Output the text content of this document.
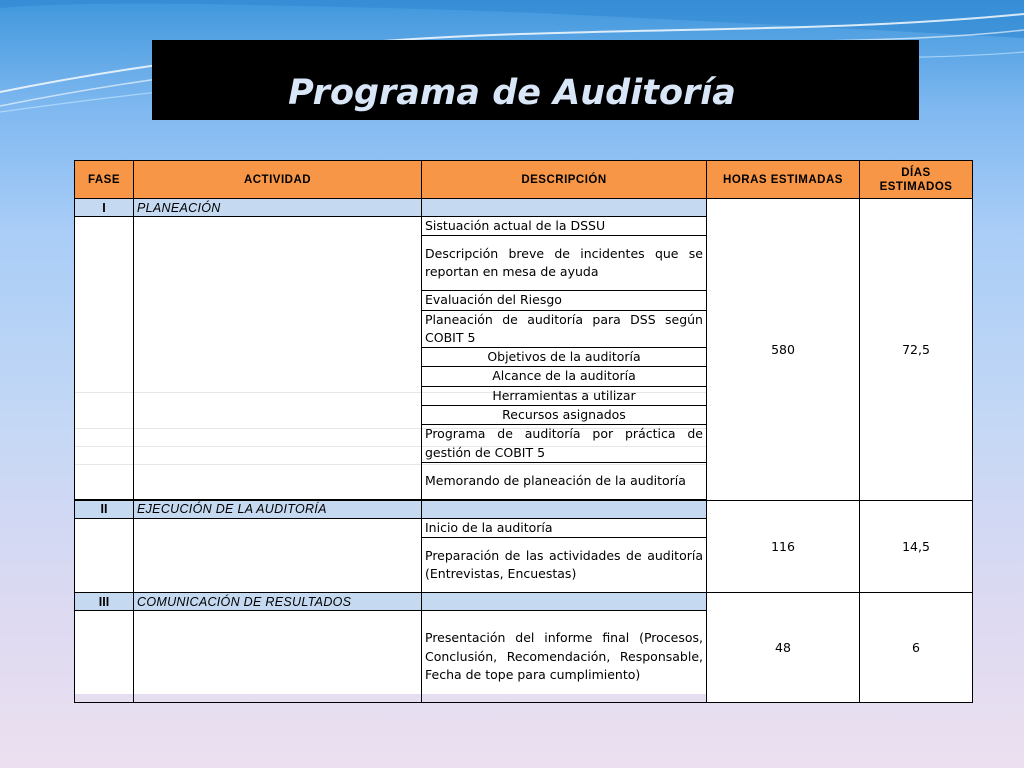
Programa de Auditoría
FASE	ACTIVIDAD	DESCRIPCIÓN	HORAS ESTIMADAS	DÍAS ESTIMADOS
I	PLANEACIÓN		580	72,5
		Sistuación actual de la DSSU		
		Descripción breve de incidentes que se reportan en mesa de ayuda		
		Evaluación del Riesgo		
		Planeación de auditoría para DSS según COBIT 5		
		Objetivos de la auditoría		
		Alcance de la auditoría		
		Herramientas a utilizar		
		Recursos asignados		
		Programa de auditoría por práctica de gestión de COBIT 5		
		Memorando de planeación de la auditoría		

II	EJECUCIÓN DE LA AUDITORÍA		116	14,5
		Inicio de la auditoría		
		Preparación de las actividades de auditoría (Entrevistas, Encuestas)		
III	COMUNICACIÓN DE RESULTADOS		48	6
		Presentación del informe final (Procesos, Conclusión, Recomendación, Responsable, Fecha de tope para cumplimiento)		
